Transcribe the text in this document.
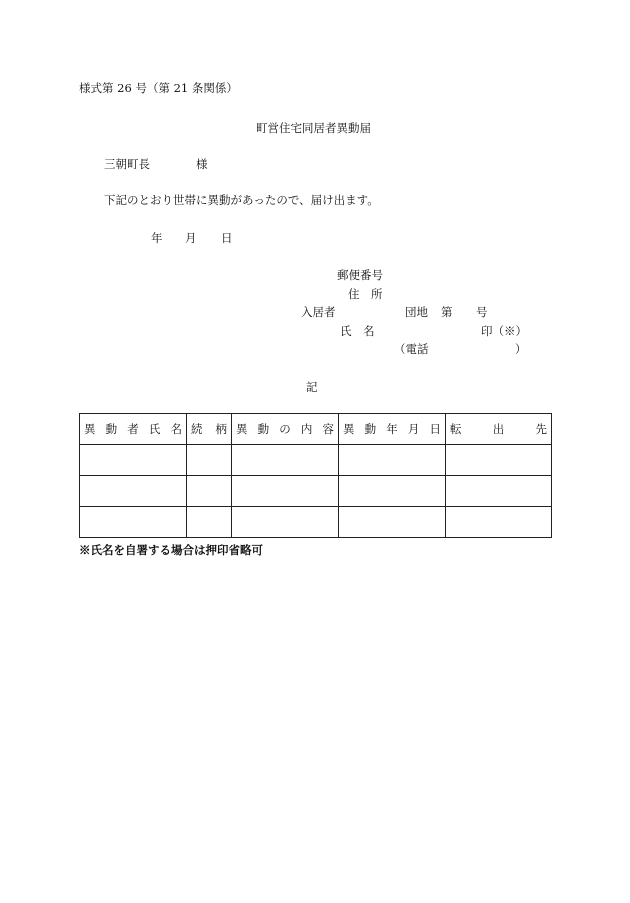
様式第 26 号（第 21 条関係）
町営住宅同居者異動届
三朝町長	様
下記のとおり世帯に異動があったので、届け出ます。
年 月 日
郵便番号
住　所
入居者	団地 第 号
氏　名	印（※）
（電話	）
記
異動者氏名	続柄	異動の内容	異動年月日	転出先

※氏名を自署する場合は押印省略可
